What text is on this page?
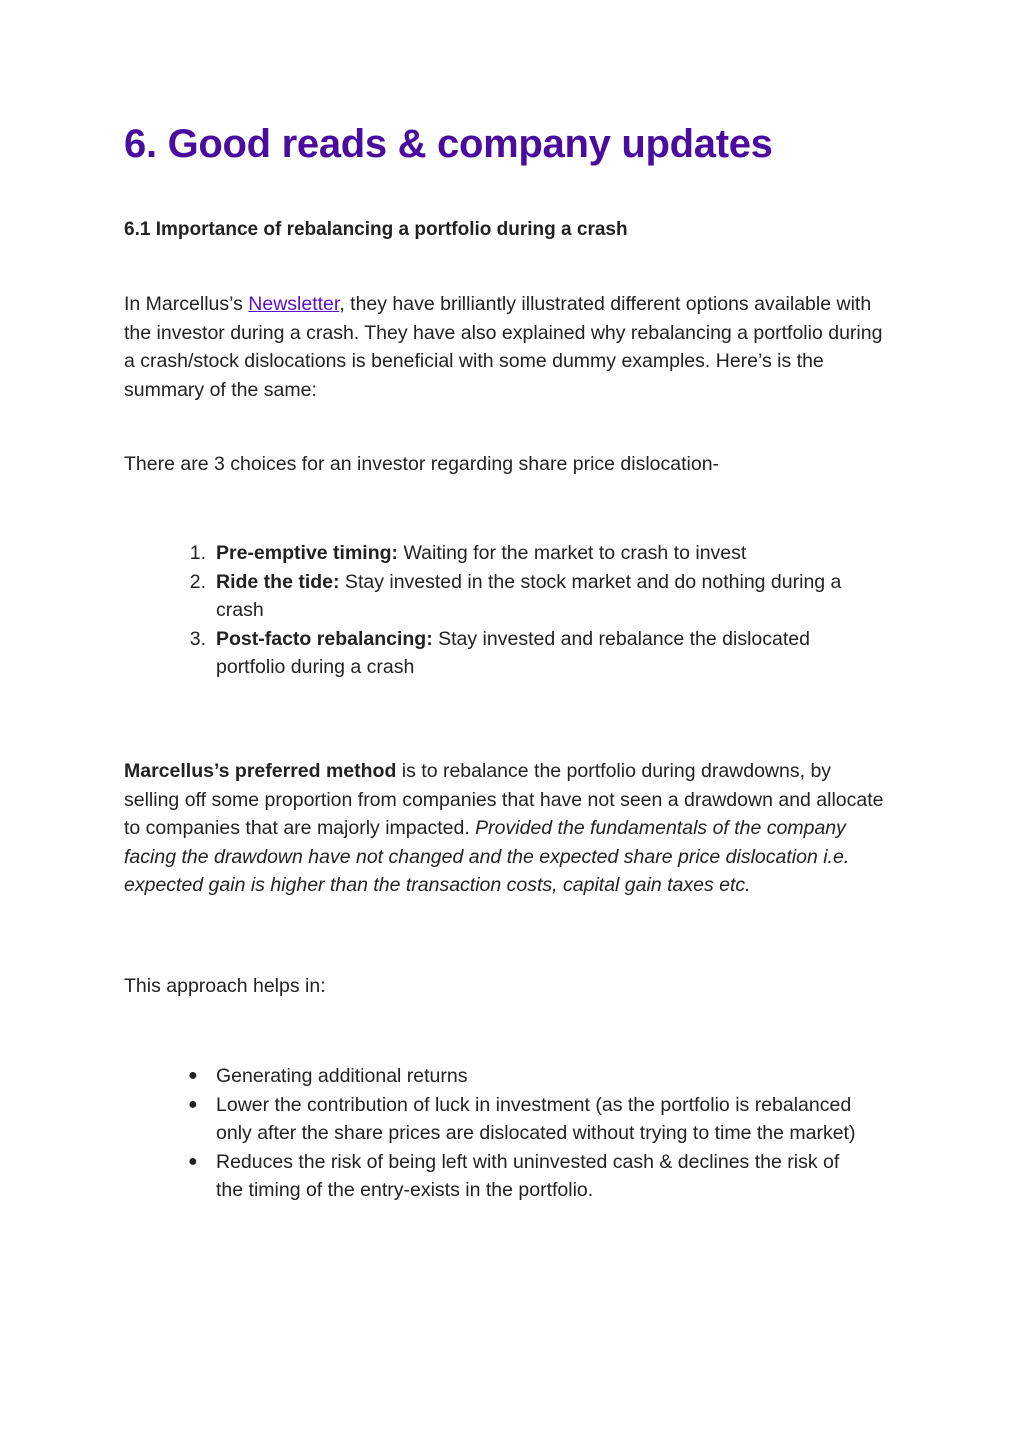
6. Good reads & company updates
6.1 Importance of rebalancing a portfolio during a crash

In Marcellus’s Newsletter, they have brilliantly illustrated different options available with the investor during a crash. They have also explained why rebalancing a portfolio during a crash/stock dislocations is beneficial with some dummy examples. Here’s is the summary of the same:

There are 3 choices for an investor regarding share price dislocation-

1. Pre-emptive timing: Waiting for the market to crash to invest
2. Ride the tide: Stay invested in the stock market and do nothing during a crash
3. Post-facto rebalancing: Stay invested and rebalance the dislocated portfolio during a crash

Marcellus’s preferred method is to rebalance the portfolio during drawdowns, by selling off some proportion from companies that have not seen a drawdown and allocate to companies that are majorly impacted. Provided the fundamentals of the company facing the drawdown have not changed and the expected share price dislocation i.e. expected gain is higher than the transaction costs, capital gain taxes etc.

This approach helps in:

● Generating additional returns
● Lower the contribution of luck in investment (as the portfolio is rebalanced only after the share prices are dislocated without trying to time the market)
● Reduces the risk of being left with uninvested cash & declines the risk of the timing of the entry-exists in the portfolio.
